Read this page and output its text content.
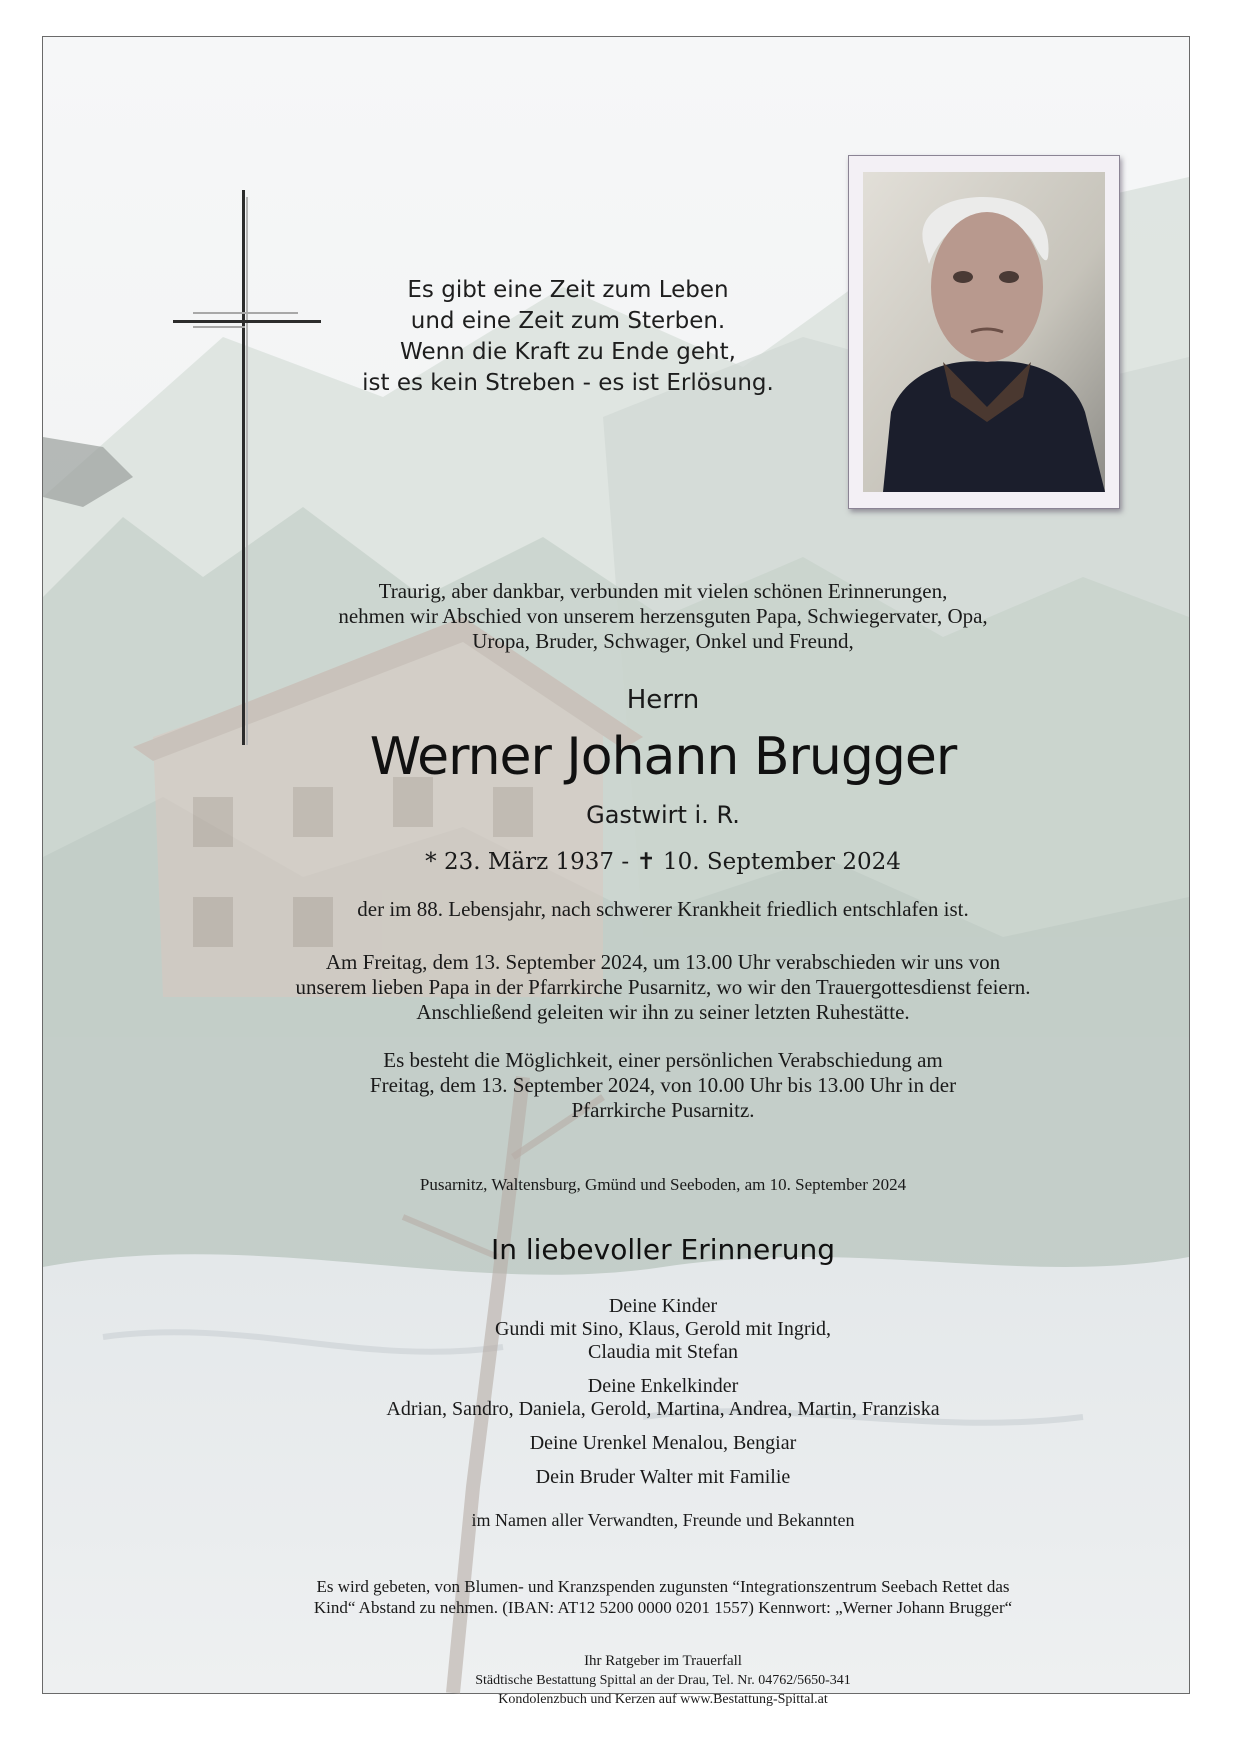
Es gibt eine Zeit zum Leben
und eine Zeit zum Sterben.
Wenn die Kraft zu Ende geht,
ist es kein Streben - es ist Erlösung.
Traurig, aber dankbar, verbunden mit vielen schönen Erinnerungen,
nehmen wir Abschied von unserem herzensguten Papa, Schwiegervater, Opa,
Uropa, Bruder, Schwager, Onkel und Freund,
Herrn
Werner Johann Brugger
Gastwirt i. R.
* 23. März 1937 - ✝ 10. September 2024
der im 88. Lebensjahr, nach schwerer Krankheit friedlich entschlafen ist.
Am Freitag, dem 13. September 2024, um 13.00 Uhr verabschieden wir uns von
unserem lieben Papa in der Pfarrkirche Pusarnitz, wo wir den Trauergottesdienst feiern.
Anschließend geleiten wir ihn zu seiner letzten Ruhestätte.
Es besteht die Möglichkeit, einer persönlichen Verabschiedung am
Freitag, dem 13. September 2024, von 10.00 Uhr bis 13.00 Uhr in der
Pfarrkirche Pusarnitz.
Pusarnitz, Waltensburg, Gmünd und Seeboden, am 10. September 2024
In liebevoller Erinnerung
Deine Kinder
Gundi mit Sino, Klaus, Gerold mit Ingrid,
Claudia mit Stefan
Deine Enkelkinder
Adrian, Sandro, Daniela, Gerold, Martina, Andrea, Martin, Franziska
Deine Urenkel Menalou, Bengiar
Dein Bruder Walter mit Familie
im Namen aller Verwandten, Freunde und Bekannten
Es wird gebeten, von Blumen- und Kranzspenden zugunsten “Integrationszentrum Seebach Rettet das
Kind“ Abstand zu nehmen. (IBAN: AT12 5200 0000 0201 1557) Kennwort: „Werner Johann Brugger“
Ihr Ratgeber im Trauerfall
Städtische Bestattung Spittal an der Drau, Tel. Nr. 04762/5650-341
Kondolenzbuch und Kerzen auf www.Bestattung-Spittal.at
